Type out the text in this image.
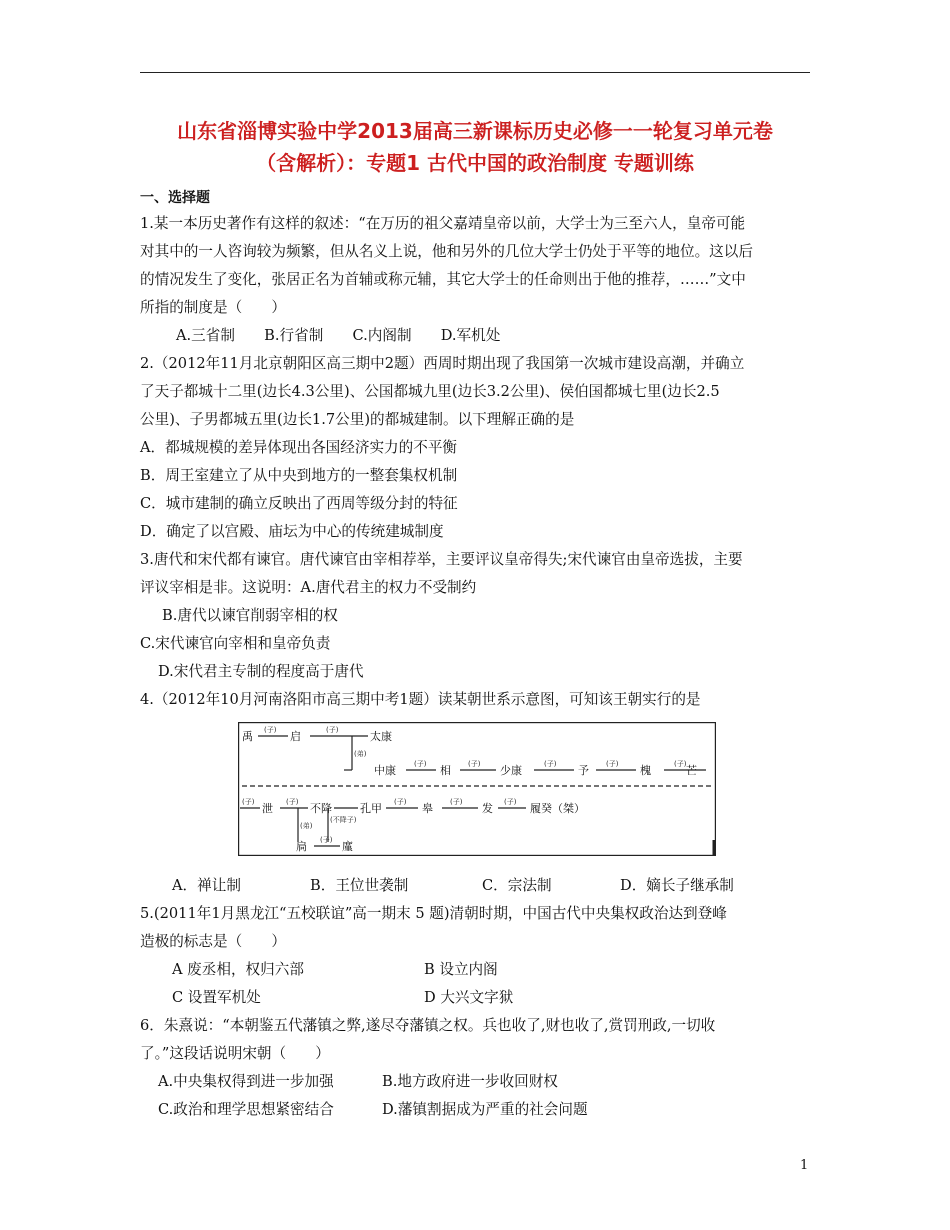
山东省淄博实验中学2013届高三新课标历史必修一一轮复习单元卷
（含解析）：专题1 古代中国的政治制度 专题训练
一、选择题
1.某一本历史著作有这样的叙述：“在万历的祖父嘉靖皇帝以前，大学士为三至六人，皇帝可能
对其中的一人咨询较为频繁，但从名义上说，他和另外的几位大学士仍处于平等的地位。这以后
的情况发生了变化，张居正名为首辅或称元辅，其它大学士的任命则出于他的推荐，……”文中
所指的制度是（　　）
A.三省制　　B.行省制　　C.内阁制　　D.军机处
2.（2012年11月北京朝阳区高三期中2题）西周时期出现了我国第一次城市建设高潮，并确立
了天子都城十二里(边长4.3公里)、公国都城九里(边长3.2公里)、侯伯国都城七里(边长2.5
公里)、子男都城五里(边长1.7公里)的都城建制。以下理解正确的是
A．都城规模的差异体现出各国经济实力的不平衡
B．周王室建立了从中央到地方的一整套集权机制
C．城市建制的确立反映出了西周等级分封的特征
D．确定了以宫殿、庙坛为中心的传统建城制度
3.唐代和宋代都有谏官。唐代谏官由宰相荐举，主要评议皇帝得失;宋代谏官由皇帝选拔，主要
评议宰相是非。这说明：A.唐代君主的权力不受制约
B.唐代以谏官削弱宰相的权
C.宋代谏官向宰相和皇帝负责
D.宋代君主专制的程度高于唐代
4.（2012年10月河南洛阳市高三期中考1题）读某朝世系示意图，可知该王朝实行的是
禹	启	太康
中康	相	少康	予	槐	芒
泄	不降	孔甲	皋	发	履癸（桀）
扃	廑
(子)	(子)
(弟)
(子)	(子)	(子)	(子)	(子)
(子)	(子)
(弟)
(不降子)
(子)	(子)	(子)
(子)
A．禅让制	B．王位世袭制	C．宗法制	D．嫡长子继承制
5.(2011年1月黑龙江“五校联谊”高一期末 5 题)清朝时期，中国古代中央集权政治达到登峰
造极的标志是（　　）
A 废丞相，权归六部	B 设立内阁
C 设置军机处	D 大兴文字狱
6．朱熹说：“本朝鉴五代藩镇之弊,遂尽夺藩镇之权。兵也收了,财也收了,赏罚刑政,一切收
了。”这段话说明宋朝（　　）
A.中央集权得到进一步加强	B.地方政府进一步收回财权
C.政治和理学思想紧密结合	D.藩镇割据成为严重的社会问题
1
